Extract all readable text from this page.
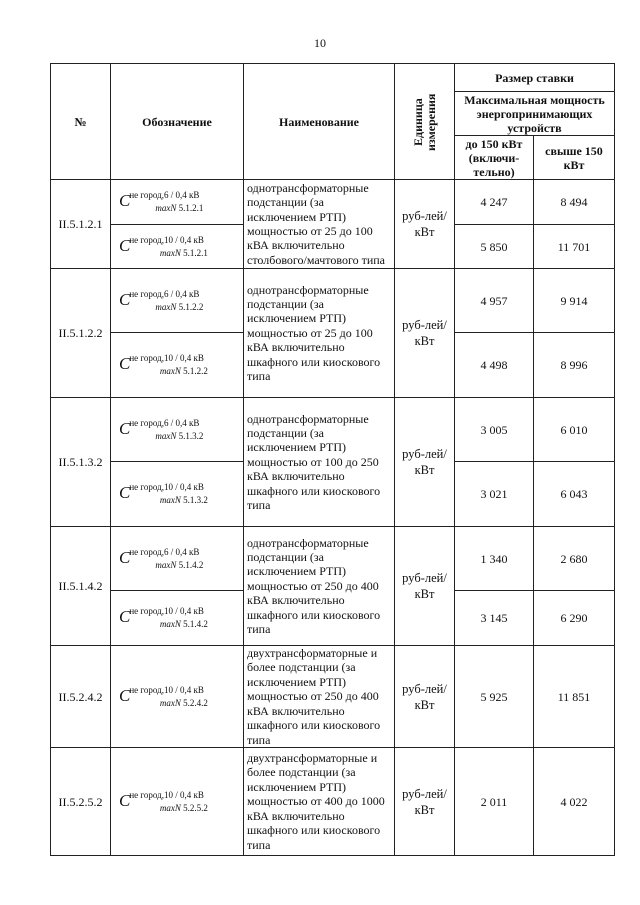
10
№	Обозначение	Наименование	Единица измерения	Размер ставки	
				Максимальная мощность энергопринимающих устройств	
				до 150 кВт (включи-тельно)	свыше 150 кВт
II.5.1.2.1	$C^{не город,6 / 0,4 кВ}_{maxN 5.1.2.1}$	однотрансформаторные подстанции (за исключением РТП) мощностью от 25 до 100 кВА включительно столбового/мачтового типа	руб-лей/кВт	4 247	8 494
	$C^{не город,10 / 0,4 кВ}_{maxN 5.1.2.1}$			5 850	11 701
II.5.1.2.2	$C^{не город,6 / 0,4 кВ}_{maxN 5.1.2.2}$	однотрансформаторные подстанции (за исключением РТП) мощностью от 25 до 100 кВА включительно шкафного или киоскового типа	руб-лей/кВт	4 957	9 914
	$C^{не город,10 / 0,4 кВ}_{maxN 5.1.2.2}$			4 498	8 996
II.5.1.3.2	$C^{не город,6 / 0,4 кВ}_{maxN 5.1.3.2}$	однотрансформаторные подстанции (за исключением РТП) мощностью от 100 до 250 кВА включительно шкафного или киоскового типа	руб-лей/кВт	3 005	6 010
	$C^{не город,10 / 0,4 кВ}_{maxN 5.1.3.2}$			3 021	6 043
II.5.1.4.2	$C^{не город,6 / 0,4 кВ}_{maxN 5.1.4.2}$	однотрансформаторные подстанции (за исключением РТП) мощностью от 250 до 400 кВА включительно шкафного или киоскового типа	руб-лей/кВт	1 340	2 680
	$C^{не город,10 / 0,4 кВ}_{maxN 5.1.4.2}$			3 145	6 290
II.5.2.4.2	$C^{не город,10 / 0,4 кВ}_{maxN 5.2.4.2}$	двухтрансформаторные и более подстанции (за исключением РТП) мощностью от 250 до 400 кВА включительно шкафного или киоскового типа	руб-лей/кВт	5 925	11 851
II.5.2.5.2	$C^{не город,10 / 0,4 кВ}_{maxN 5.2.5.2}$	двухтрансформаторные и более подстанции (за исключением РТП) мощностью от 400 до 1000 кВА включительно шкафного или киоскового типа	руб-лей/кВт	2 011	4 022
